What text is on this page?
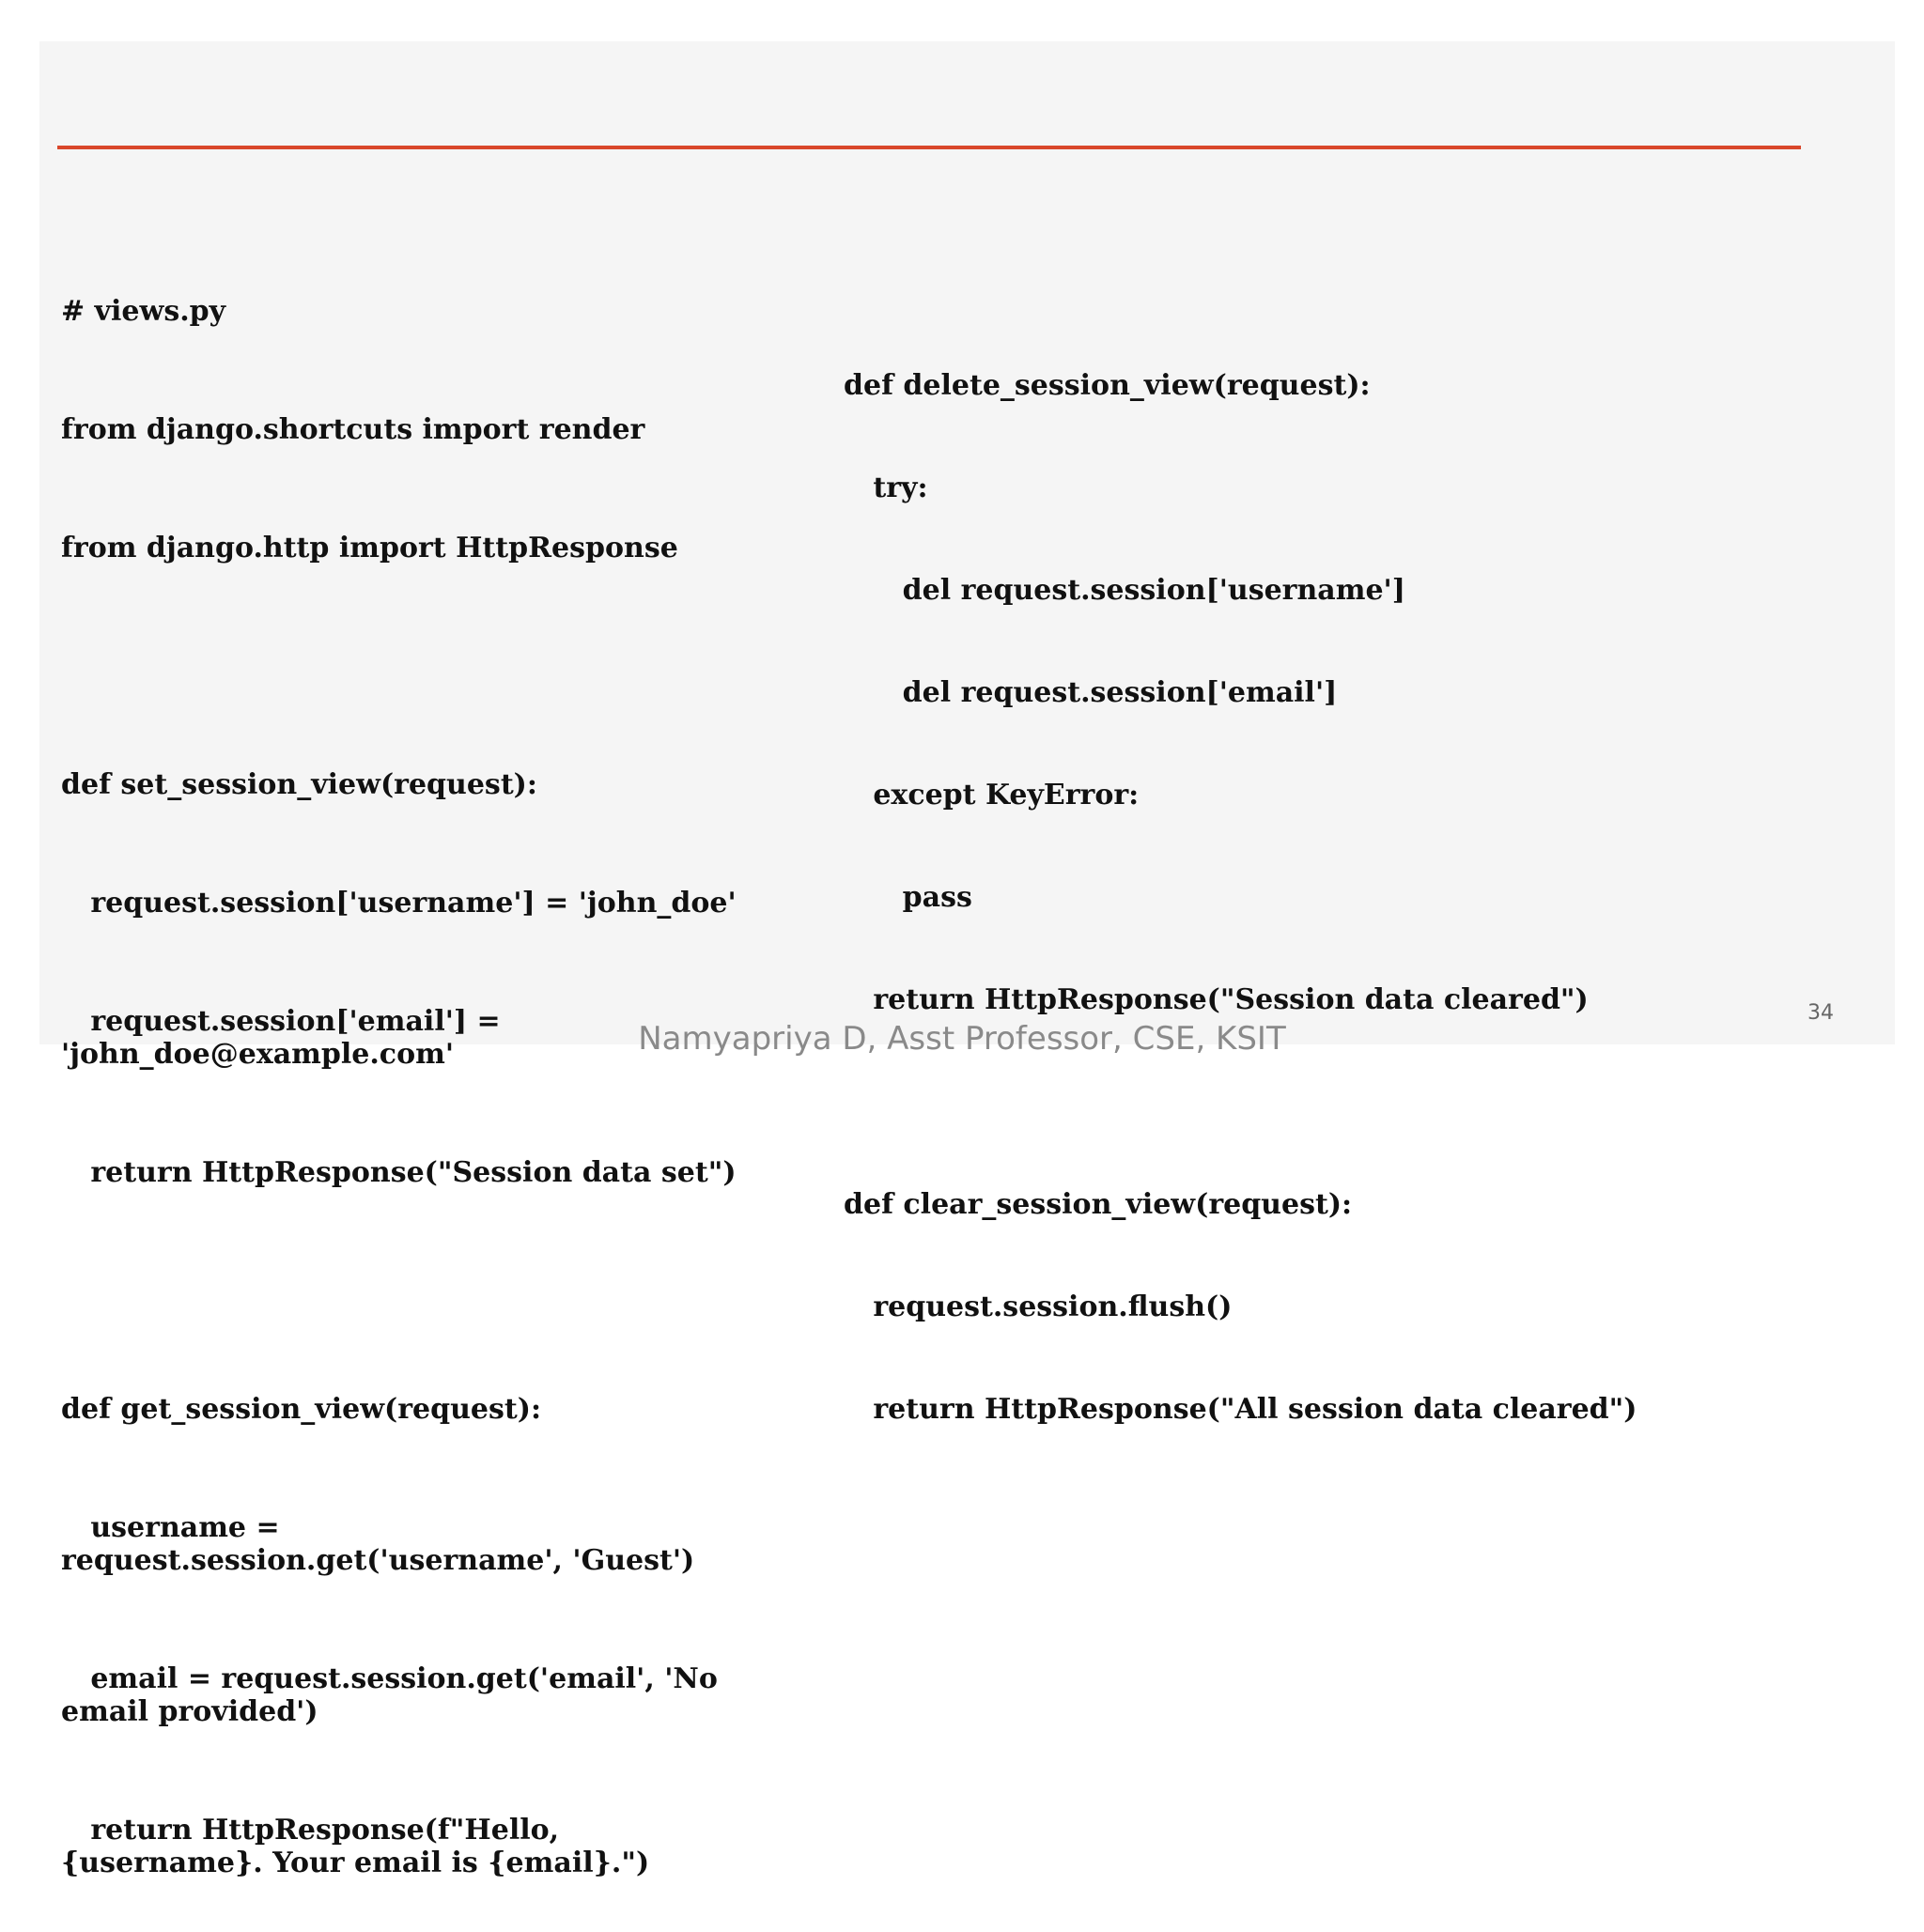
# views.py

from django.shortcuts import render

from django.http import HttpResponse

def set_session_view(request):

request.session['username'] = 'john_doe'

request.session['email'] = 'john_doe@example.com'

return HttpResponse("Session data set")

def get_session_view(request):

username = request.session.get('username', 'Guest')

email = request.session.get('email', 'No email provided')

return HttpResponse(f"Hello, {username}. Your email is {email}.")

def delete_session_view(request):

try:

del request.session['username']

del request.session['email']

except KeyError:

pass

return HttpResponse("Session data cleared")

def clear_session_view(request):

request.session.flush()

return HttpResponse("All session data cleared")

Namyapriya D, Asst Professor, CSE, KSIT
34
